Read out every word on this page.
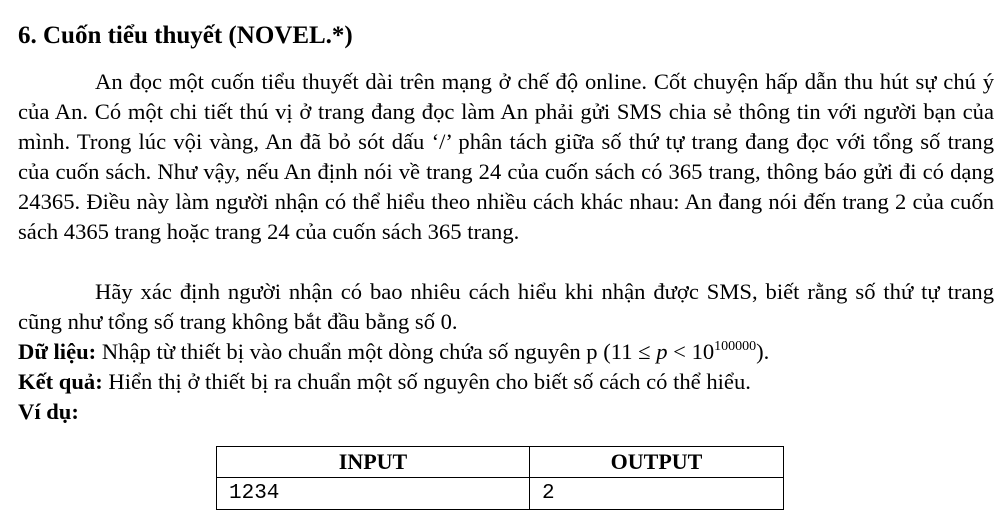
6. Cuốn tiểu thuyết (NOVEL.*)
An đọc một cuốn tiểu thuyết dài trên mạng ở chế độ online. Cốt chuyện hấp dẫn thu hút sự chú ý của An. Có một chi tiết thú vị ở trang đang đọc làm An phải gửi SMS chia sẻ thông tin với người bạn của mình. Trong lúc vội vàng, An đã bỏ sót dấu ‘/’ phân tách giữa số thứ tự trang đang đọc với tổng số trang của cuốn sách. Như vậy, nếu An định nói về trang 24 của cuốn sách có 365 trang, thông báo gửi đi có dạng 24365. Điều này làm người nhận có thể hiểu theo nhiều cách khác nhau: An đang nói đến trang 2 của cuốn sách 4365 trang hoặc trang 24 của cuốn sách 365 trang.
Hãy xác định người nhận có bao nhiêu cách hiểu khi nhận được SMS, biết rằng số thứ tự trang cũng như tổng số trang không bắt đầu bằng số 0.
Dữ liệu: Nhập từ thiết bị vào chuẩn một dòng chứa số nguyên p $(11 \le p < 10^{100000})$.
Kết quả: Hiển thị ở thiết bị ra chuẩn một số nguyên cho biết số cách có thể hiểu.
Ví dụ:
INPUT	OUTPUT
1234	2
